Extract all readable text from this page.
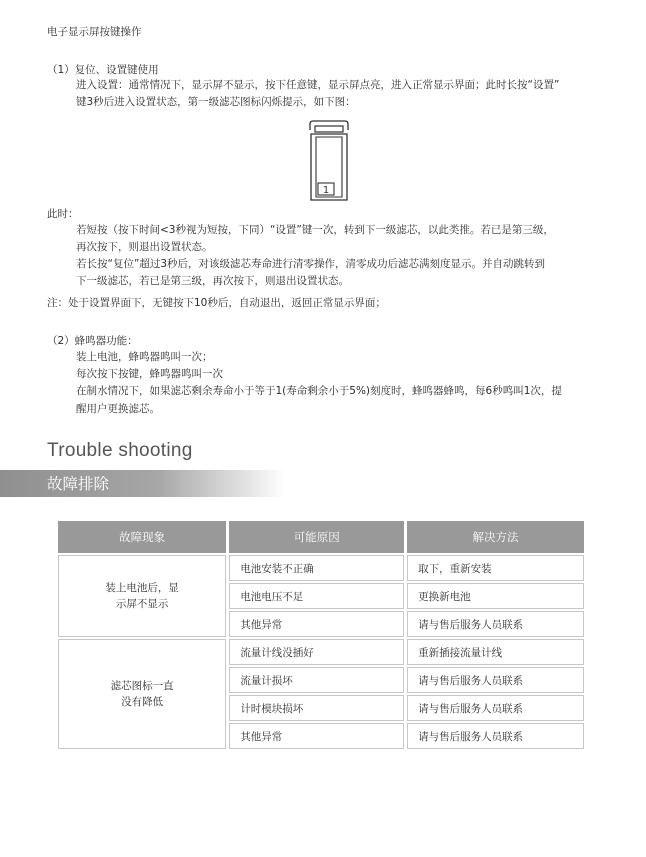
电子显示屏按键操作
（1）复位、设置键使用
进入设置：通常情况下，显示屏不显示，按下任意键，显示屏点亮，进入正常显示界面；此时长按“设置”
键3秒后进入设置状态，第一级滤芯图标闪烁提示，如下图：
1
此时：
若短按（按下时间<3秒视为短按，下同）“设置”键一次，转到下一级滤芯，以此类推。若已是第三级，
再次按下，则退出设置状态。
若长按“复位”超过3秒后，对该级滤芯寿命进行清零操作，清零成功后滤芯满刻度显示。并自动跳转到
下一级滤芯，若已是第三级，再次按下，则退出设置状态。
注：处于设置界面下，无键按下10秒后，自动退出，返回正常显示界面；
（2）蜂鸣器功能：
装上电池，蜂鸣器鸣叫一次；
每次按下按键，蜂鸣器鸣叫一次
在制水情况下，如果滤芯剩余寿命小于等于1(寿命剩余小于5%)刻度时，蜂鸣器蜂鸣，每6秒鸣叫1次，提
醒用户更换滤芯。
Trouble shooting
故障排除
故障现象	可能原因	解决方法
装上电池后，显示屏不显示	电池安装不正确	取下，重新安装
	电池电压不足	更换新电池
	其他异常	请与售后服务人员联系
滤芯图标一直没有降低	流量计线没插好	重新插接流量计线
	流量计损坏	请与售后服务人员联系
	计时模块损坏	请与售后服务人员联系
	其他异常	请与售后服务人员联系
